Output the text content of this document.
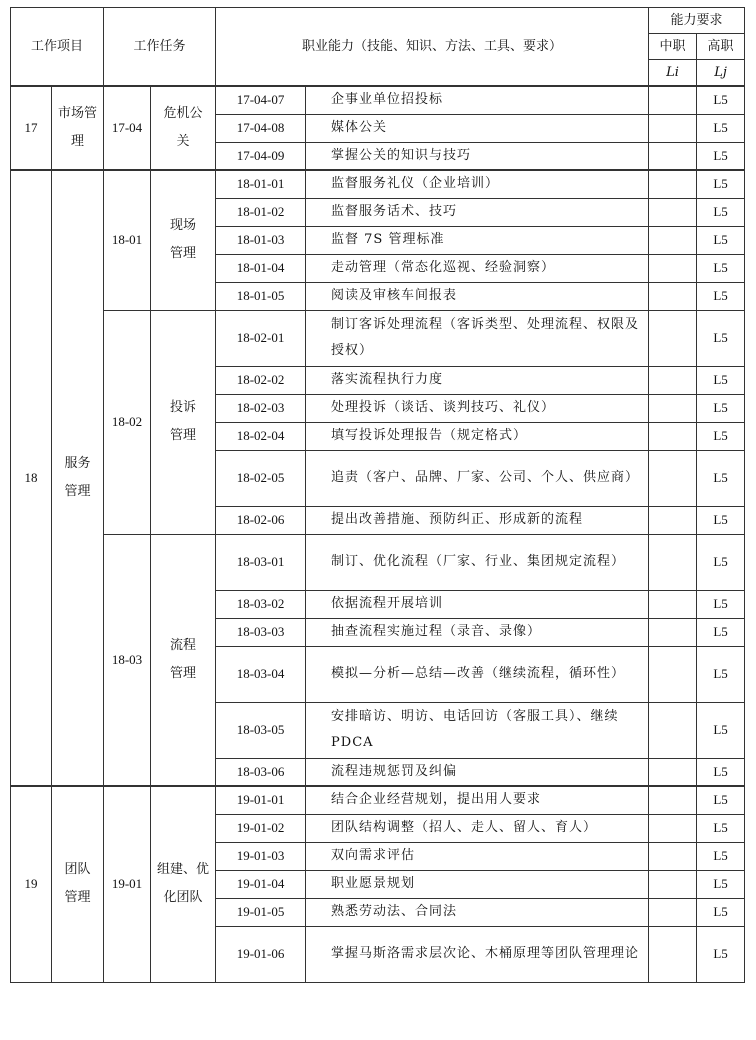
工作项目		工作任务		职业能力（技能、知识、方法、工具、要求）		能力要求	
						中职	高职
						Li	Lj
17	市场管理	17-04	危机公关	17-04-07	企事业单位招投标		L5
				17-04-08	媒体公关		L5
				17-04-09	掌握公关的知识与技巧		L5
18	服务管理	18-01	现场管理	18-01-01	监督服务礼仪（企业培训）		L5
				18-01-02	监督服务话术、技巧		L5
				18-01-03	监督 7S 管理标准		L5
				18-01-04	走动管理（常态化巡视、经验洞察）		L5
				18-01-05	阅读及审核车间报表		L5
		18-02	投诉管理	18-02-01	制订客诉处理流程（客诉类型、处理流程、权限及授权）		L5
				18-02-02	落实流程执行力度		L5
				18-02-03	处理投诉（谈话、谈判技巧、礼仪）		L5
				18-02-04	填写投诉处理报告（规定格式）		L5
				18-02-05	追责（客户、品牌、厂家、公司、个人、供应商）		L5
				18-02-06	提出改善措施、预防纠正、形成新的流程		L5
		18-03	流程管理	18-03-01	制订、优化流程（厂家、行业、集团规定流程）		L5
				18-03-02	依据流程开展培训		L5
				18-03-03	抽查流程实施过程（录音、录像）		L5
				18-03-04	模拟—分析—总结—改善（继续流程，循环性）		L5
				18-03-05	安排暗访、明访、电话回访（客服工具）、继续 PDCA		L5
				18-03-06	流程违规惩罚及纠偏		L5
19	团队管理	19-01	组建、优化团队	19-01-01	结合企业经营规划，提出用人要求		L5
				19-01-02	团队结构调整（招人、走人、留人、育人）		L5
				19-01-03	双向需求评估		L5
				19-01-04	职业愿景规划		L5
				19-01-05	熟悉劳动法、合同法		L5
				19-01-06	掌握马斯洛需求层次论、木桶原理等团队管理理论		L5
